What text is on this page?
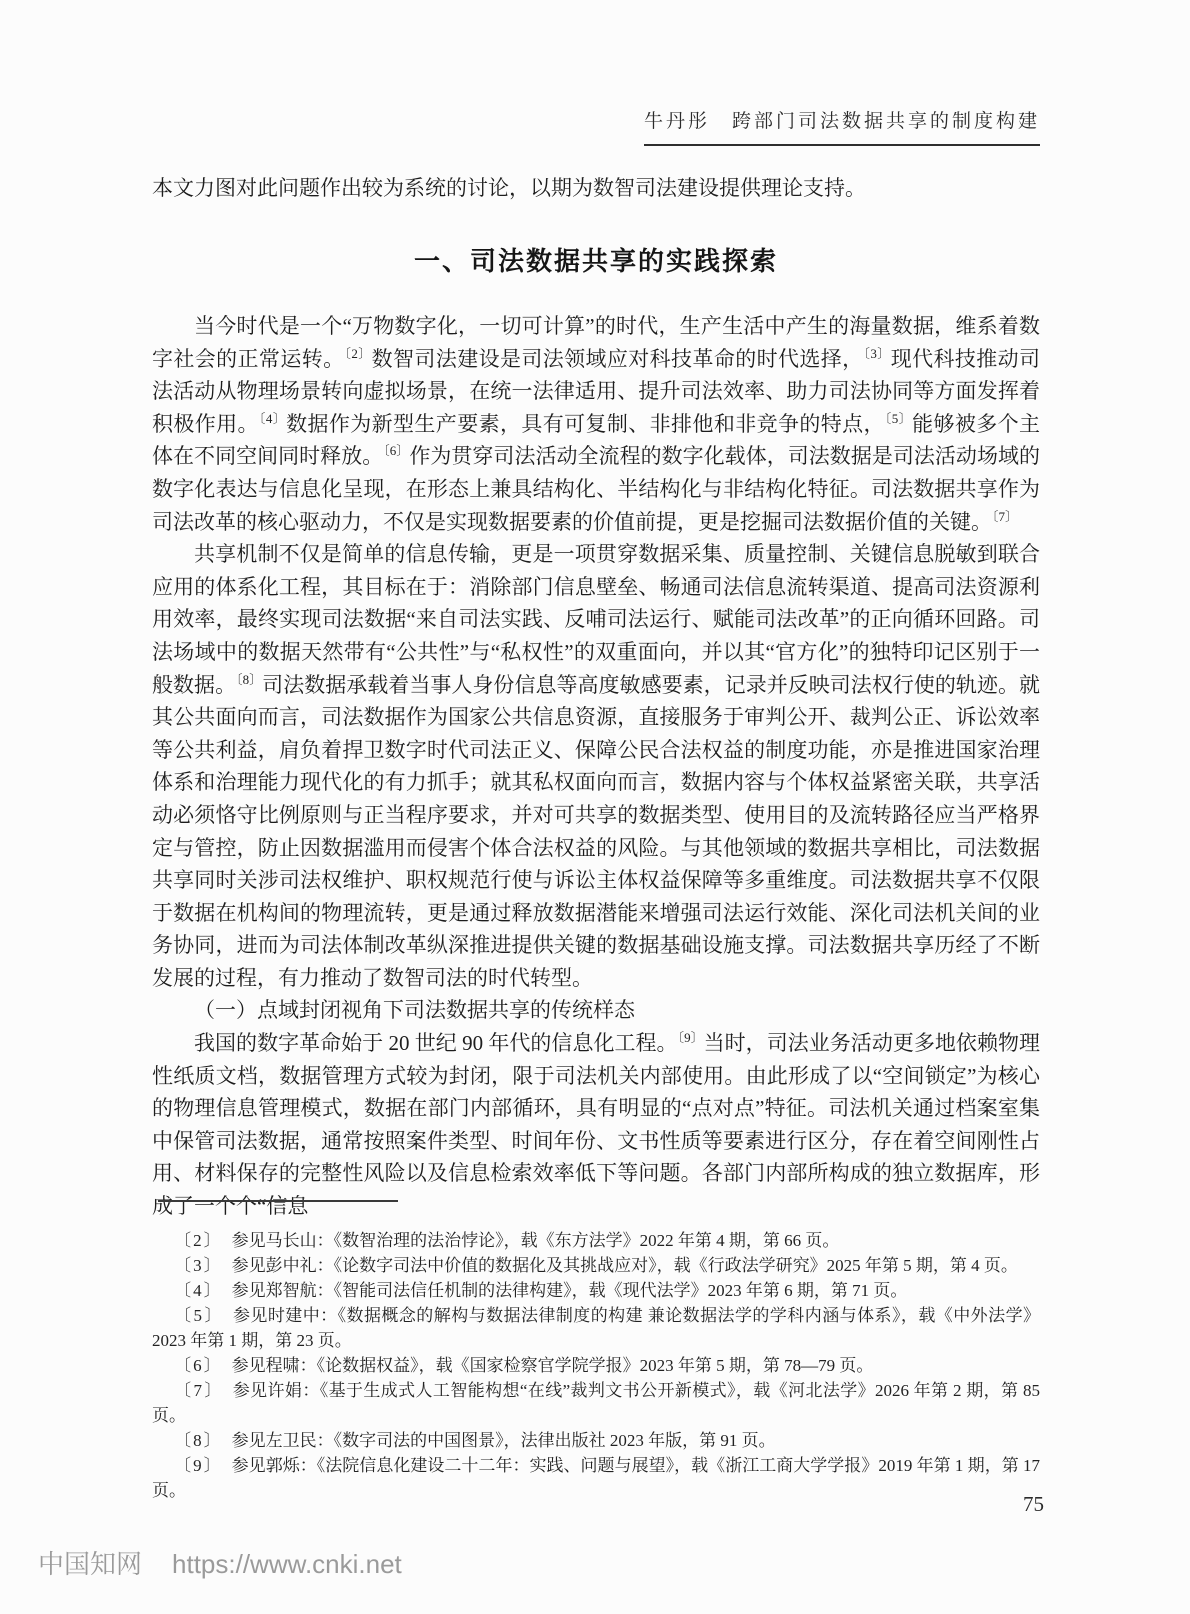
牛丹彤　跨部门司法数据共享的制度构建

本文力图对此问题作出较为系统的讨论，以期为数智司法建设提供理论支持。

一、司法数据共享的实践探索

当今时代是一个“万物数字化，一切可计算”的时代，生产生活中产生的海量数据，维系着数字社会的正常运转。$^{〔2〕}$数智司法建设是司法领域应对科技革命的时代选择，$^{〔3〕}$现代科技推动司法活动从物理场景转向虚拟场景，在统一法律适用、提升司法效率、助力司法协同等方面发挥着积极作用。$^{〔4〕}$数据作为新型生产要素，具有可复制、非排他和非竞争的特点，$^{〔5〕}$能够被多个主体在不同空间同时释放。$^{〔6〕}$作为贯穿司法活动全流程的数字化载体，司法数据是司法活动场域的数字化表达与信息化呈现，在形态上兼具结构化、半结构化与非结构化特征。司法数据共享作为司法改革的核心驱动力，不仅是实现数据要素的价值前提，更是挖掘司法数据价值的关键。$^{〔7〕}$

共享机制不仅是简单的信息传输，更是一项贯穿数据采集、质量控制、关键信息脱敏到联合应用的体系化工程，其目标在于：消除部门信息壁垒、畅通司法信息流转渠道、提高司法资源利用效率，最终实现司法数据“来自司法实践、反哺司法运行、赋能司法改革”的正向循环回路。司法场域中的数据天然带有“公共性”与“私权性”的双重面向，并以其“官方化”的独特印记区别于一般数据。$^{〔8〕}$司法数据承载着当事人身份信息等高度敏感要素，记录并反映司法权行使的轨迹。就其公共面向而言，司法数据作为国家公共信息资源，直接服务于审判公开、裁判公正、诉讼效率等公共利益，肩负着捍卫数字时代司法正义、保障公民合法权益的制度功能，亦是推进国家治理体系和治理能力现代化的有力抓手；就其私权面向而言，数据内容与个体权益紧密关联，共享活动必须恪守比例原则与正当程序要求，并对可共享的数据类型、使用目的及流转路径应当严格界定与管控，防止因数据滥用而侵害个体合法权益的风险。与其他领域的数据共享相比，司法数据共享同时关涉司法权维护、职权规范行使与诉讼主体权益保障等多重维度。司法数据共享不仅限于数据在机构间的物理流转，更是通过释放数据潜能来增强司法运行效能、深化司法机关间的业务协同，进而为司法体制改革纵深推进提供关键的数据基础设施支撑。司法数据共享历经了不断发展的过程，有力推动了数智司法的时代转型。

（一）点域封闭视角下司法数据共享的传统样态

我国的数字革命始于 20 世纪 90 年代的信息化工程。$^{〔9〕}$当时，司法业务活动更多地依赖物理性纸质文档，数据管理方式较为封闭，限于司法机关内部使用。由此形成了以“空间锁定”为核心的物理信息管理模式，数据在部门内部循环，具有明显的“点对点”特征。司法机关通过档案室集中保管司法数据，通常按照案件类型、时间年份、文书性质等要素进行区分，存在着空间刚性占用、材料保存的完整性风险以及信息检索效率低下等问题。各部门内部所构成的独立数据库，形成了一个个“信息

〔2〕 参见马长山：《数智治理的法治悖论》，载《东方法学》2022 年第 4 期，第 66 页。

〔3〕 参见彭中礼：《论数字司法中价值的数据化及其挑战应对》，载《行政法学研究》2025 年第 5 期，第 4 页。

〔4〕 参见郑智航：《智能司法信任机制的法律构建》，载《现代法学》2023 年第 6 期，第 71 页。

〔5〕 参见时建中：《数据概念的解构与数据法律制度的构建 兼论数据法学的学科内涵与体系》，载《中外法学》2023 年第 1 期，第 23 页。

〔6〕 参见程啸：《论数据权益》，载《国家检察官学院学报》2023 年第 5 期，第 78—79 页。

〔7〕 参见许娟：《基于生成式人工智能构想“在线”裁判文书公开新模式》，载《河北法学》2026 年第 2 期，第 85 页。

〔8〕 参见左卫民：《数字司法的中国图景》，法律出版社 2023 年版，第 91 页。

〔9〕 参见郭烁：《法院信息化建设二十二年：实践、问题与展望》，载《浙江工商大学学报》2019 年第 1 期，第 17 页。

75
中国知网 https://www.cnki.net
